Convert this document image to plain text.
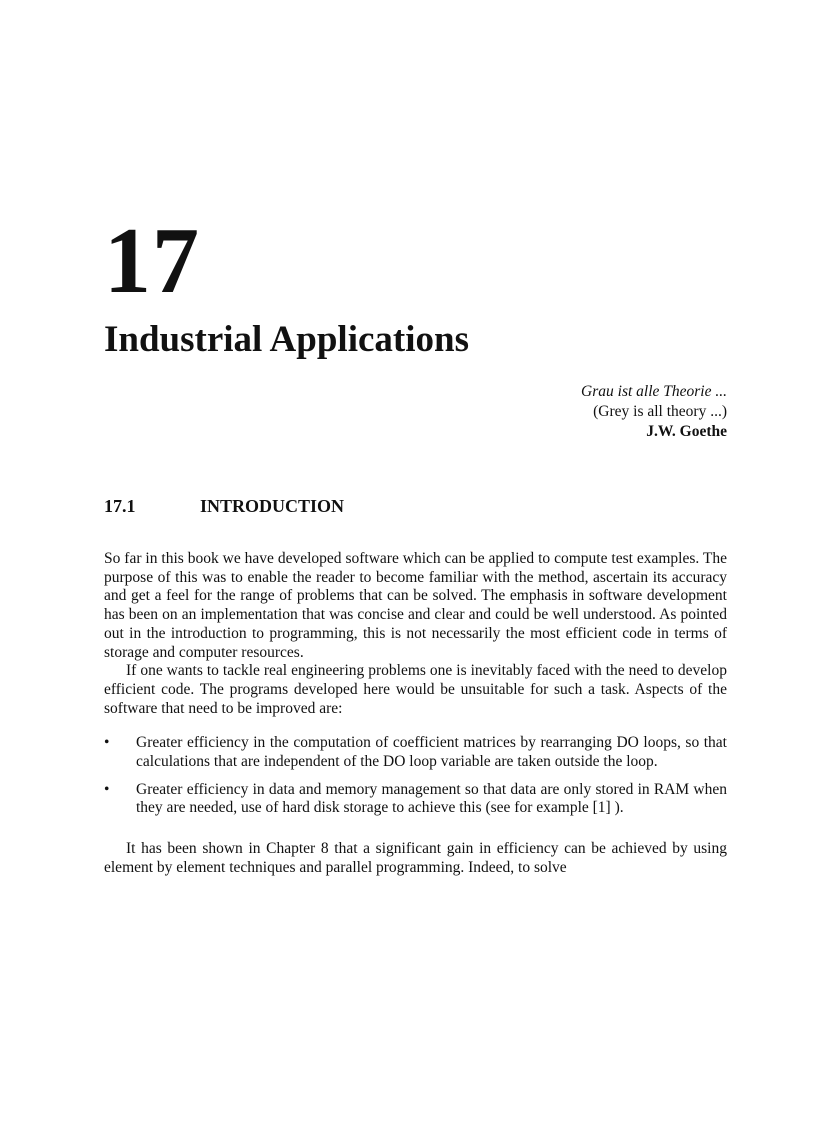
17
Industrial Applications
Grau ist alle Theorie ...
(Grey is all theory ...)
J.W. Goethe
17.1	INTRODUCTION

So far in this book we have developed software which can be applied to compute test examples. The purpose of this was to enable the reader to become familiar with the method, ascertain its accuracy and get a feel for the range of problems that can be solved. The emphasis in software development has been on an implementation that was concise and clear and could be well understood. As pointed out in the introduction to programming, this is not necessarily the most efficient code in terms of storage and computer resources.

If one wants to tackle real engineering problems one is inevitably faced with the need to develop efficient code. The programs developed here would be unsuitable for such a task. Aspects of the software that need to be improved are:

• Greater efficiency in the computation of coefficient matrices by rearranging DO loops, so that calculations that are independent of the DO loop variable are taken outside the loop.
• Greater efficiency in data and memory management so that data are only stored in RAM when they are needed, use of hard disk storage to achieve this (see for example [1] ).

It has been shown in Chapter 8 that a significant gain in efficiency can be achieved by using element by element techniques and parallel programming. Indeed, to solve
